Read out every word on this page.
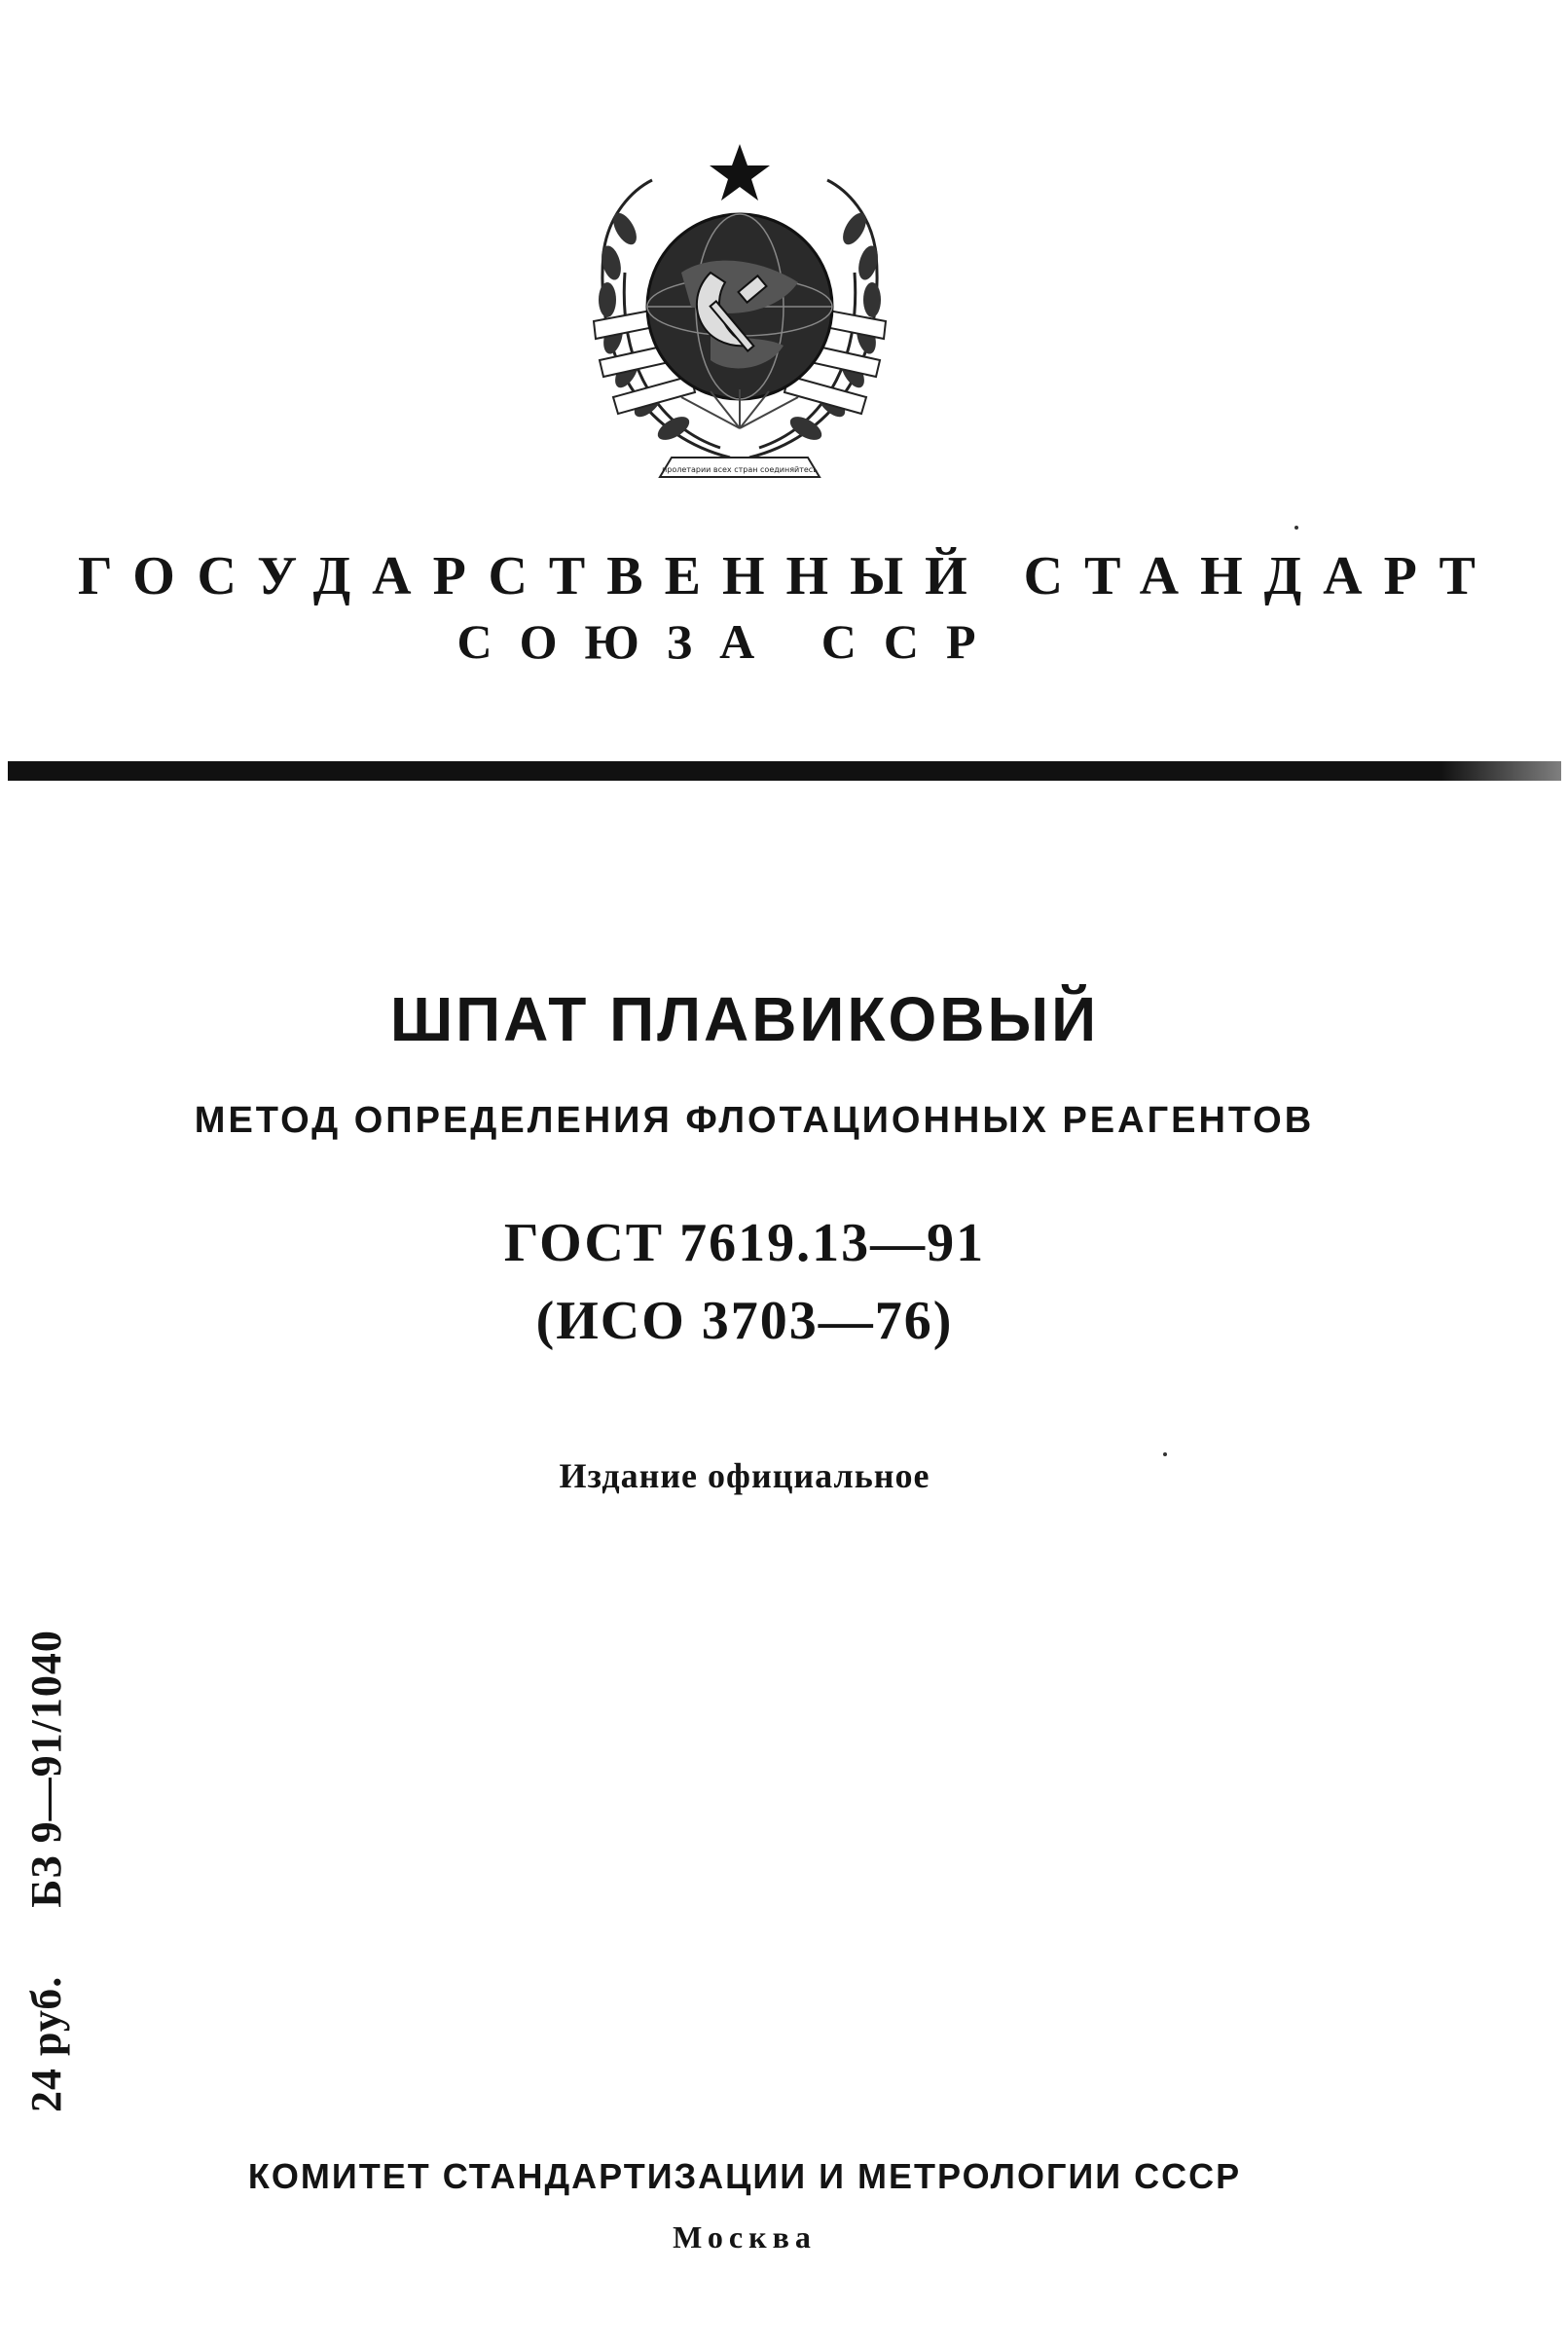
пролетарии всех стран соединяйтесь
ГОСУДАРСТВЕННЫЙ СТАНДАРТ
СОЮЗА ССР
ШПАТ ПЛАВИКОВЫЙ
МЕТОД ОПРЕДЕЛЕНИЯ ФЛОТАЦИОННЫХ РЕАГЕНТОВ
ГОСТ 7619.13—91
(ИСО 3703—76)
Издание официальное
24 руб.БЗ 9—91/1040
КОМИТЕТ СТАНДАРТИЗАЦИИ И МЕТРОЛОГИИ СССР
Москва
